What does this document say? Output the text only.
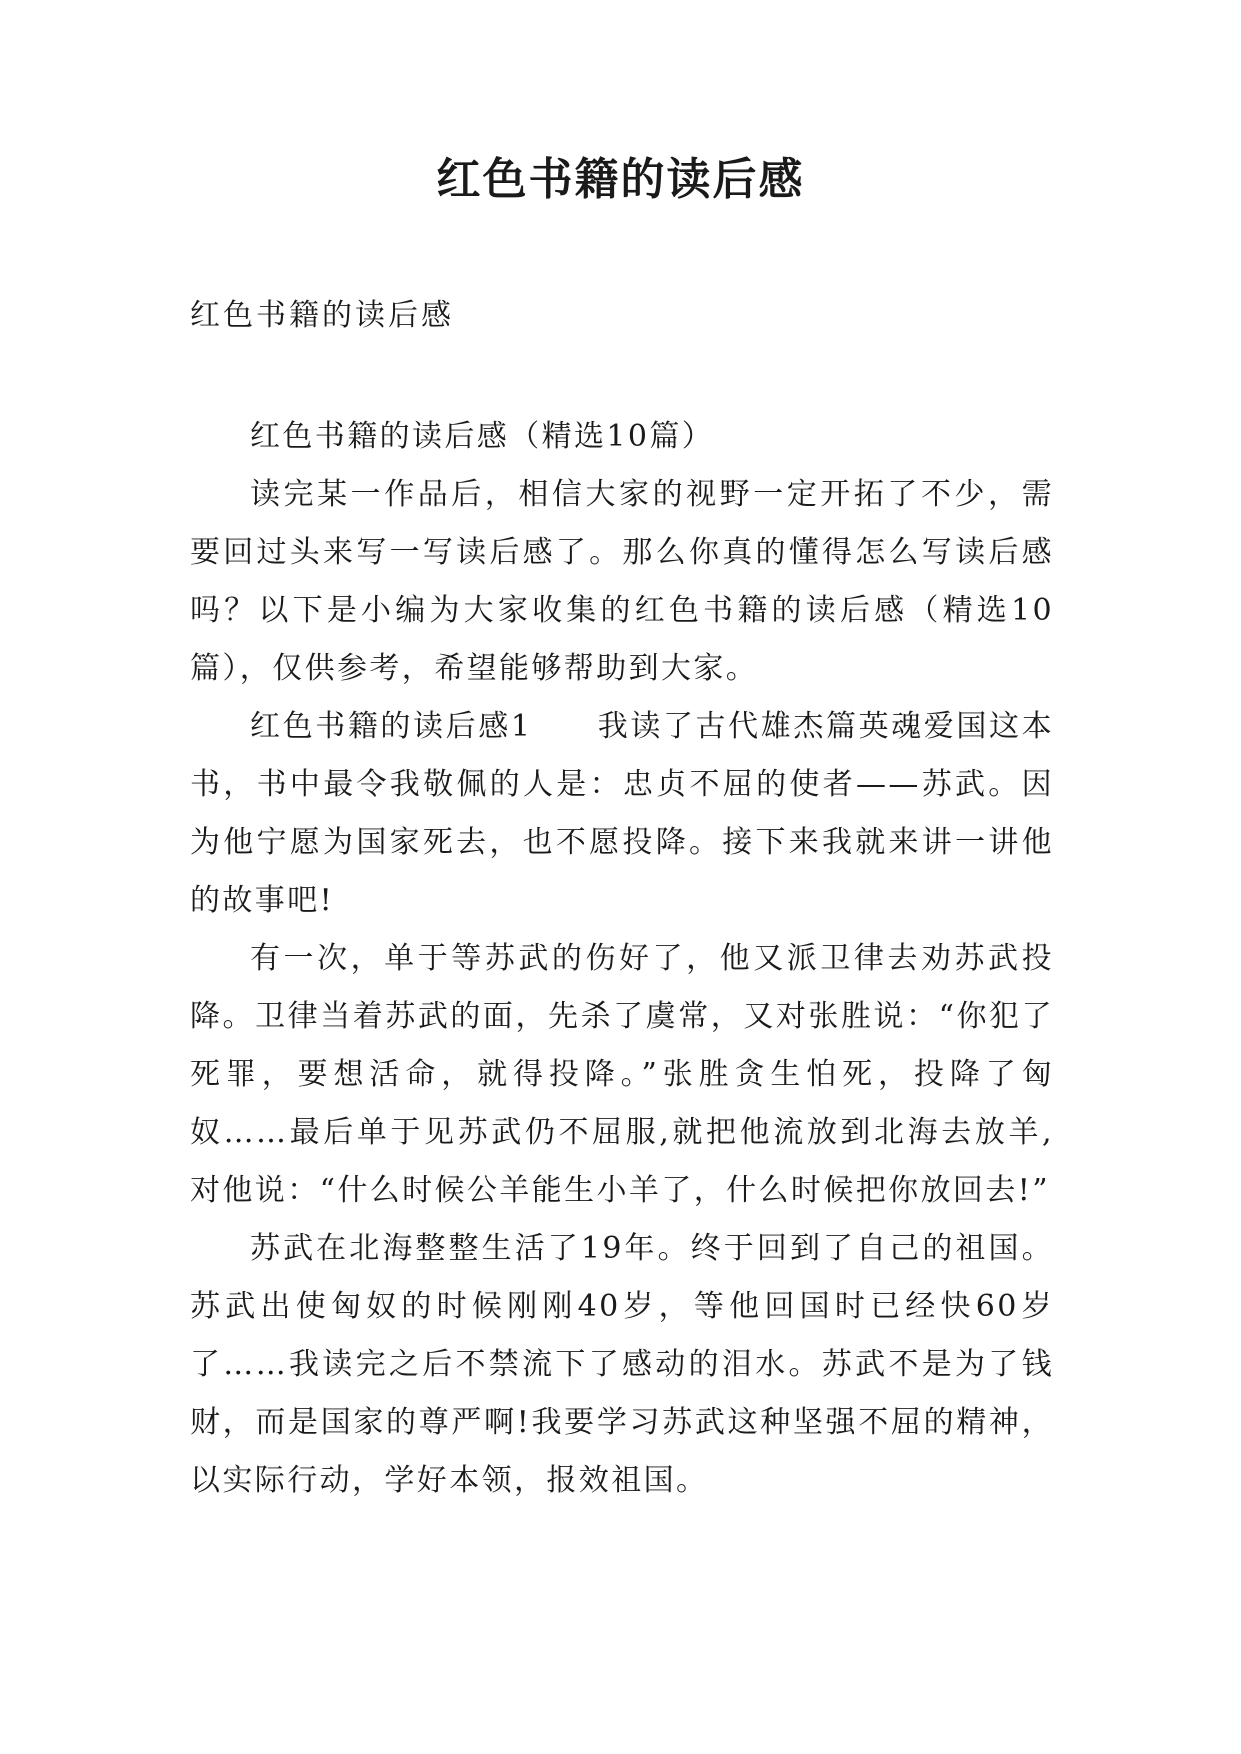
红色书籍的读后感
红色书籍的读后感

红色书籍的读后感（精选10篇）

读完某一作品后，相信大家的视野一定开拓了不少，需要回过头来写一写读后感了。那么你真的懂得怎么写读后感吗？以下是小编为大家收集的红色书籍的读后感（精选10篇），仅供参考，希望能够帮助到大家。

红色书籍的读后感1　　我读了古代雄杰篇英魂爱国这本书，书中最令我敬佩的人是：忠贞不屈的使者——苏武。因为他宁愿为国家死去，也不愿投降。接下来我就来讲一讲他的故事吧!

有一次，单于等苏武的伤好了，他又派卫律去劝苏武投降。卫律当着苏武的面，先杀了虞常，又对张胜说：“你犯了死罪，要想活命，就得投降。”张胜贪生怕死，投降了匈奴……最后单于见苏武仍不屈服,就把他流放到北海去放羊,对他说：“什么时候公羊能生小羊了，什么时候把你放回去!”

苏武在北海整整生活了19年。终于回到了自己的祖国。苏武出使匈奴的时候刚刚40岁，等他回国时已经快60岁了……我读完之后不禁流下了感动的泪水。苏武不是为了钱财，而是国家的尊严啊!我要学习苏武这种坚强不屈的精神，以实际行动，学好本领，报效祖国。
